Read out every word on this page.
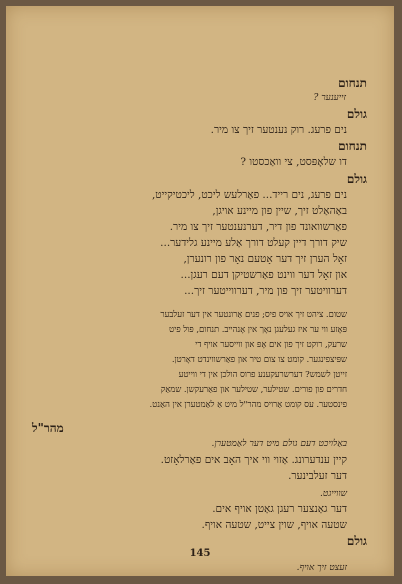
תנחום
זייענער ?
גולם
נים פרעג. רוק נענטער זיך צו מיר.
תנחום
דו שלאָפּסט, צי וואַכסטו ?
גולם
נים פרעג, נים רייד... פאַרלעש ליכט, ליכטיקייט,
באַהאַלט זיך, שיין פון מיינע אויגן,
פאַרשוואונד פון דיר, דערנענטער זיך צו מיר.
שיק דורך דיין קעלט דורך אַלע מיינע גלידער...
זאָל הערן זיך דער אָטעם נאָר פון רונערן,
און זאָל דער ווינט פאַרשטיקן דעם רעגן...
דערוויטער זיך פון מיר, דערווייטער זיך...
שטום. ציהט זיך אויס פיס; פנים אַרונטער אין דער זעלבער
פּאָזע ווי ער איז געלעגן נאָך אין אָנהײב. תנחום, פּול פיט
שרעק, רוקט זיך פון אים אָפּ און ווייסער אויף די
שפּיצפינגער. קומט צו צום טיר און פאַרשווינדט דאָרטן.
זייטן לשמש? דערשרעקענע פרוס הולכן אין די ווייטע
חדרים פון פורים. שטילער, שטילער און פאַרעקשן. שמאַק
פינסטער. עס קומט אַרויס מהר"ל מיט אַ לאַמטערן אין האַנט.
מהר"ל
באַלויכט דעם גולם מיט דער לאַמטערן.
קיין ענדערונג. אַזוי ווי איך האָב אים פאַרלאָזט.
דער זעלבינער.
שווייגט.
דער גאַנצער רעגן גאַטן אויף אים.
שטעה אויף, שוין צייט, שטעה אויף.
גולם
145
זעצט זיך אויף.
